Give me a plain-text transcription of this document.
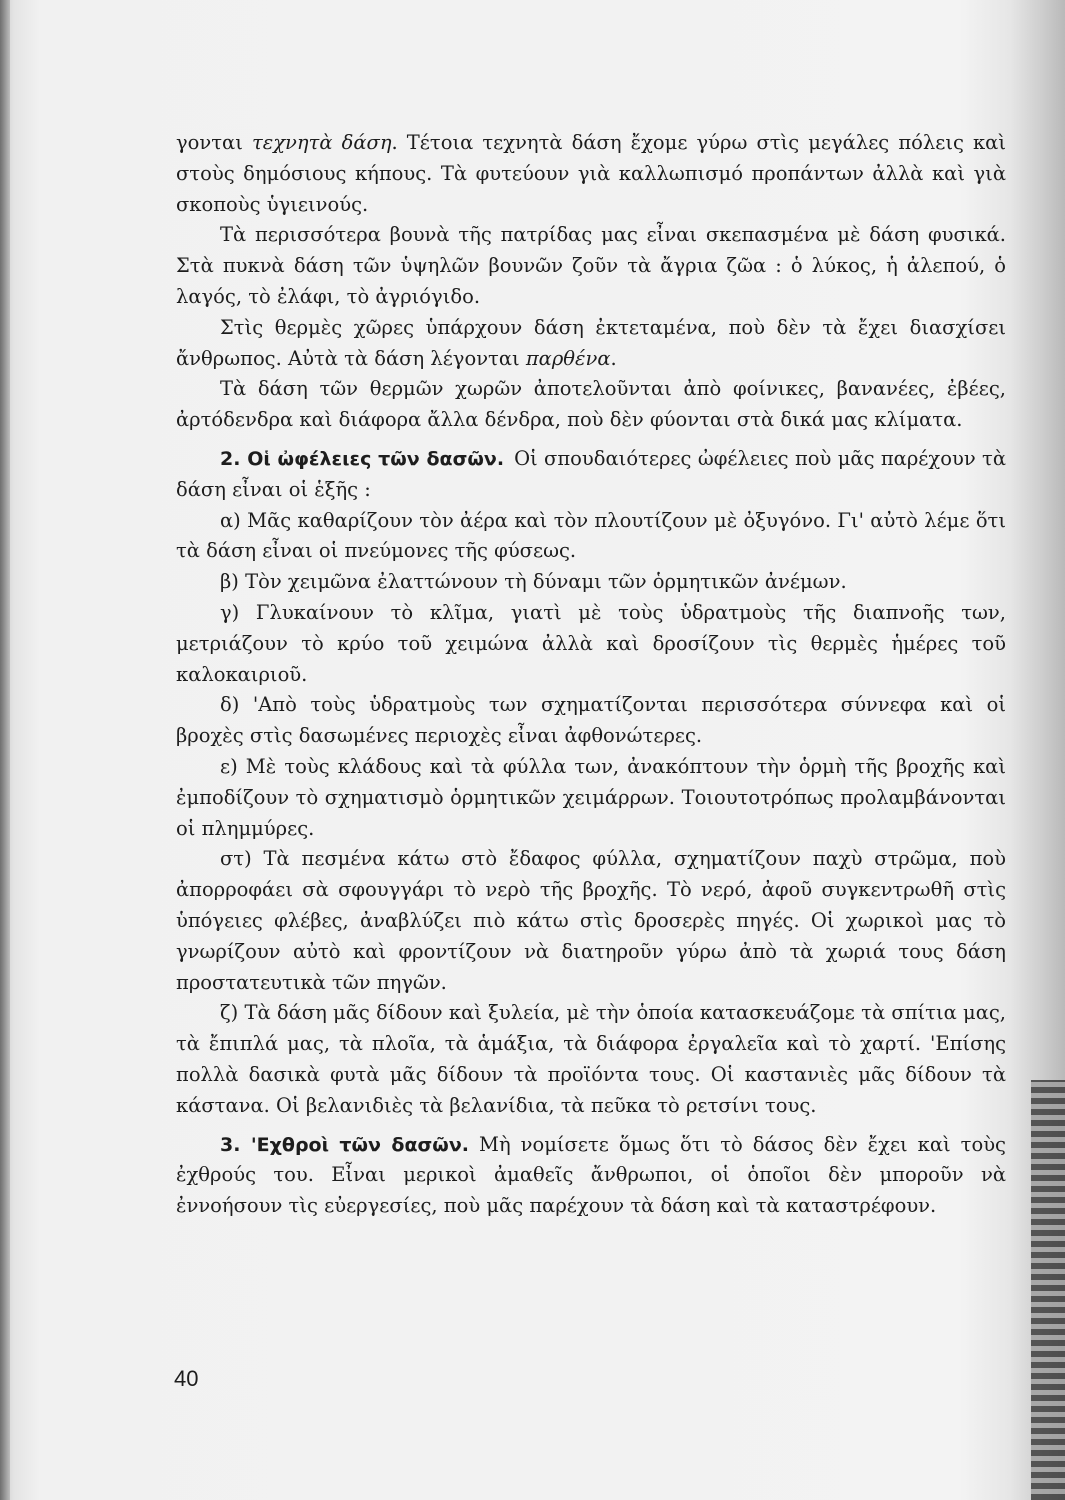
γονται τεχνητὰ δάση. Τέτοια τεχνητὰ δάση ἔχομε γύρω στὶς μεγάλες πόλεις καὶ στοὺς δημόσιους κήπους. Τὰ φυτεύουν γιὰ καλλωπισμό προπάντων ἀλλὰ καὶ γιὰ σκοποὺς ὑγιεινούς.

Τὰ περισσότερα βουνὰ τῆς πατρίδας μας εἶναι σκεπασμένα μὲ δάση φυσικά. Στὰ πυκνὰ δάση τῶν ὑψηλῶν βουνῶν ζοῦν τὰ ἄγρια ζῶα : ὁ λύκος, ἡ ἀλεπού, ὁ λαγός, τὸ ἐλάφι, τὸ ἀγριόγιδο.

Στὶς θερμὲς χῶρες ὑπάρχουν δάση ἐκτεταμένα, ποὺ δὲν τὰ ἔχει διασχίσει ἄνθρωπος. Αὐτὰ τὰ δάση λέγονται παρθένα.

Τὰ δάση τῶν θερμῶν χωρῶν ἀποτελοῦνται ἀπὸ φοίνικες, βανανέες, ἐβέες, ἀρτόδενδρα καὶ διάφορα ἄλλα δένδρα, ποὺ δὲν φύονται στὰ δικά μας κλίματα.

2. Οἱ ὠφέλειες τῶν δασῶν. Οἱ σπουδαιότερες ὠφέλειες ποὺ μᾶς παρέχουν τὰ δάση εἶναι οἱ ἑξῆς :

α) Μᾶς καθαρίζουν τὸν ἀέρα καὶ τὸν πλουτίζουν μὲ ὀξυγόνο. Γι' αὐτὸ λέμε ὅτι τὰ δάση εἶναι οἱ πνεύμονες τῆς φύσεως.

β) Τὸν χειμῶνα ἐλαττώνουν τὴ δύναμι τῶν ὁρμητικῶν ἀνέμων.

γ) Γλυκαίνουν τὸ κλῖμα, γιατὶ μὲ τοὺς ὑδρατμοὺς τῆς διαπνοῆς των, μετριάζουν τὸ κρύο τοῦ χειμώνα ἀλλὰ καὶ δροσίζουν τὶς θερμὲς ἡμέρες τοῦ καλοκαιριοῦ.

δ) 'Απὸ τοὺς ὑδρατμοὺς των σχηματίζονται περισσότερα σύννεφα καὶ οἱ βροχὲς στὶς δασωμένες περιοχὲς εἶναι ἀφθονώτερες.

ε) Μὲ τοὺς κλάδους καὶ τὰ φύλλα των, ἀνακόπτουν τὴν ὁρμὴ τῆς βροχῆς καὶ ἐμποδίζουν τὸ σχηματισμὸ ὁρμητικῶν χειμάρρων. Τοιουτοτρόπως προλαμβάνονται οἱ πλημμύρες.

στ) Τὰ πεσμένα κάτω στὸ ἔδαφος φύλλα, σχηματίζουν παχὺ στρῶμα, ποὺ ἀπορροφάει σὰ σφουγγάρι τὸ νερὸ τῆς βροχῆς. Τὸ νερό, ἀφοῦ συγκεντρωθῆ στὶς ὑπόγειες φλέβες, ἀναβλύζει πιὸ κάτω στὶς δροσερὲς πηγές. Οἱ χωρικοὶ μας τὸ γνωρίζουν αὐτὸ καὶ φροντίζουν νὰ διατηροῦν γύρω ἀπὸ τὰ χωριά τους δάση προστατευτικὰ τῶν πηγῶν.

ζ) Τὰ δάση μᾶς δίδουν καὶ ξυλεία, μὲ τὴν ὁποία κατασκευάζομε τὰ σπίτια μας, τὰ ἔπιπλά μας, τὰ πλοῖα, τὰ ἁμάξια, τὰ διάφορα ἐργαλεῖα καὶ τὸ χαρτί. 'Επίσης πολλὰ δασικὰ φυτὰ μᾶς δίδουν τὰ προϊόντα τους. Οἱ καστανιὲς μᾶς δίδουν τὰ κάστανα. Οἱ βελανιδιὲς τὰ βελανίδια, τὰ πεῦκα τὸ ρετσίνι τους.

3. 'Εχθροὶ τῶν δασῶν. Μὴ νομίσετε ὅμως ὅτι τὸ δάσος δὲν ἔχει καὶ τοὺς ἐχθρούς του. Εἶναι μερικοὶ ἀμαθεῖς ἄνθρωποι, οἱ ὁποῖοι δὲν μποροῦν νὰ ἐννοήσουν τὶς εὐεργεσίες, ποὺ μᾶς παρέχουν τὰ δάση καὶ τὰ καταστρέφουν.

40
